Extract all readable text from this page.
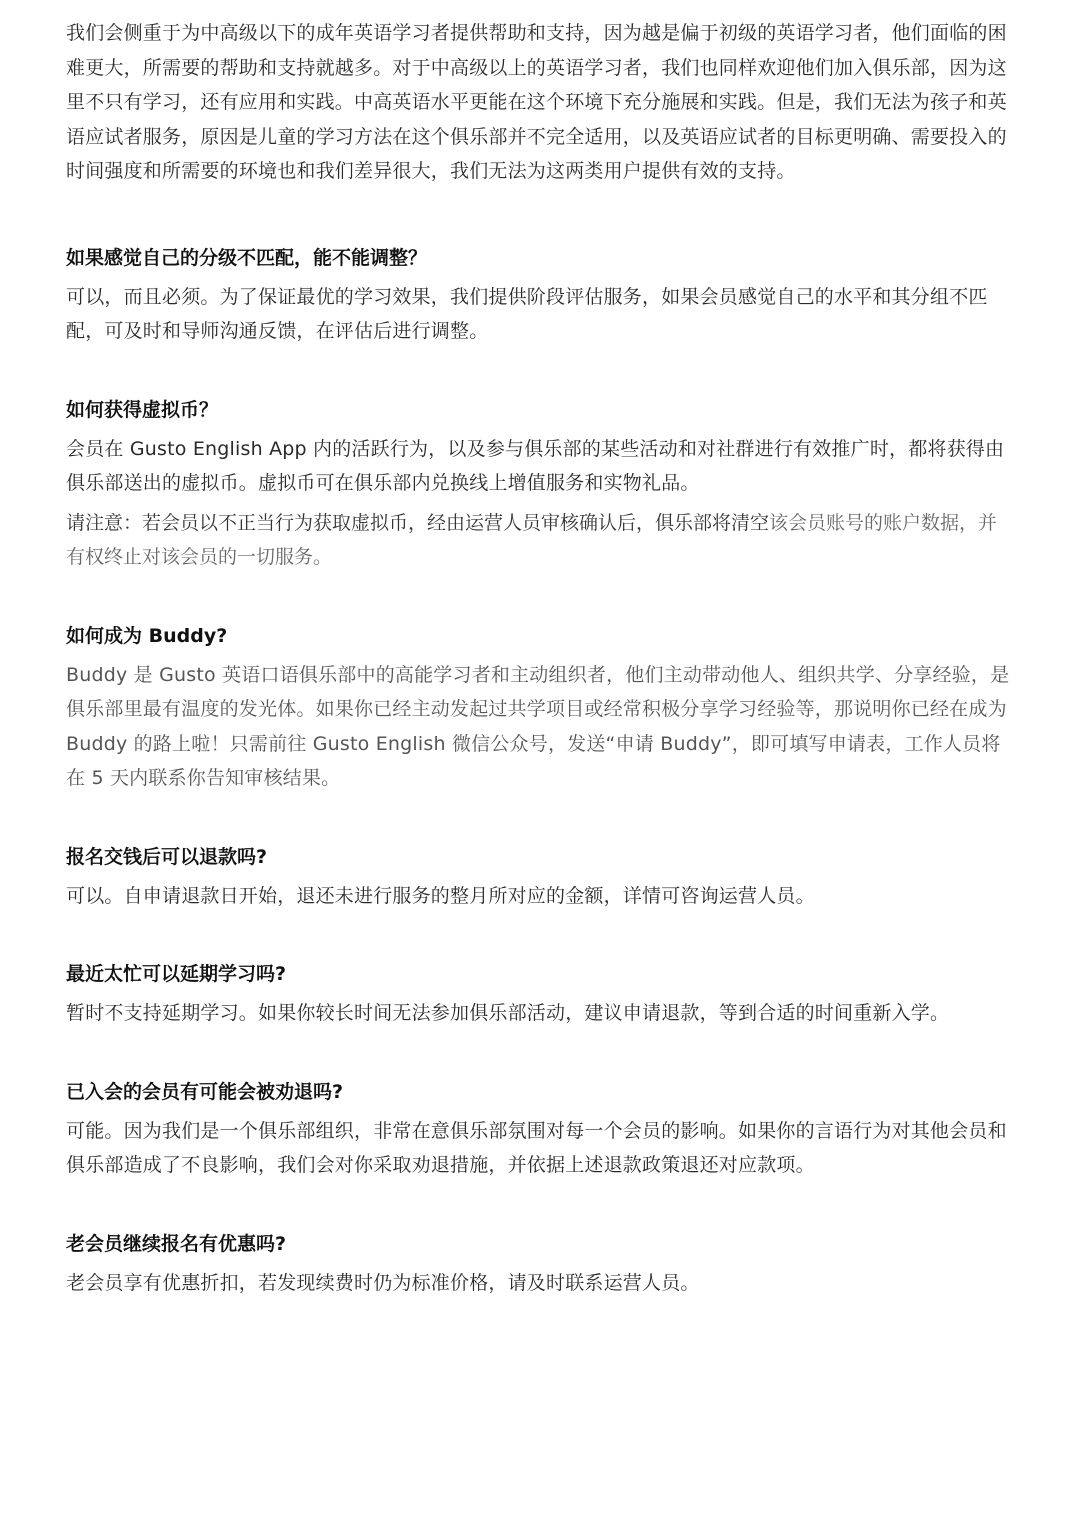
我们会侧重于为中高级以下的成年英语学习者提供帮助和支持，因为越是偏于初级的英语学习者，他们面临的困难更大，所需要的帮助和支持就越多。对于中高级以上的英语学习者，我们也同样欢迎他们加入俱乐部，因为这里不只有学习，还有应用和实践。中高英语水平更能在这个环境下充分施展和实践。但是，我们无法为孩子和英语应试者服务，原因是儿童的学习方法在这个俱乐部并不完全适用，以及英语应试者的目标更明确、需要投入的时间强度和所需要的环境也和我们差异很大，我们无法为这两类用户提供有效的支持。

如果感觉自己的分级不匹配，能不能调整？

可以，而且必须。为了保证最优的学习效果，我们提供阶段评估服务，如果会员感觉自己的水平和其分组不匹配，可及时和导师沟通反馈，在评估后进行调整。

如何获得虚拟币？

会员在 Gusto English App 内的活跃行为，以及参与俱乐部的某些活动和对社群进行有效推广时，都将获得由俱乐部送出的虚拟币。虚拟币可在俱乐部内兑换线上增值服务和实物礼品。

请注意：若会员以不正当行为获取虚拟币，经由运营人员审核确认后，俱乐部将清空该会员账号的账户数据，并有权终止对该会员的一切服务。

如何成为 Buddy?

Buddy 是 Gusto 英语口语俱乐部中的高能学习者和主动组织者，他们主动带动他人、组织共学、分享经验，是俱乐部里最有温度的发光体。如果你已经主动发起过共学项目或经常积极分享学习经验等，那说明你已经在成为 Buddy 的路上啦！只需前往 Gusto English 微信公众号，发送“申请 Buddy”，即可填写申请表，工作人员将在 5 天内联系你告知审核结果。

报名交钱后可以退款吗?

可以。自申请退款日开始，退还未进行服务的整月所对应的金额，详情可咨询运营人员。

最近太忙可以延期学习吗?

暂时不支持延期学习。如果你较长时间无法参加俱乐部活动，建议申请退款，等到合适的时间重新入学。

已入会的会员有可能会被劝退吗?

可能。因为我们是一个俱乐部组织，非常在意俱乐部氛围对每一个会员的影响。如果你的言语行为对其他会员和俱乐部造成了不良影响，我们会对你采取劝退措施，并依据上述退款政策退还对应款项。

老会员继续报名有优惠吗?

老会员享有优惠折扣，若发现续费时仍为标准价格，请及时联系运营人员。
